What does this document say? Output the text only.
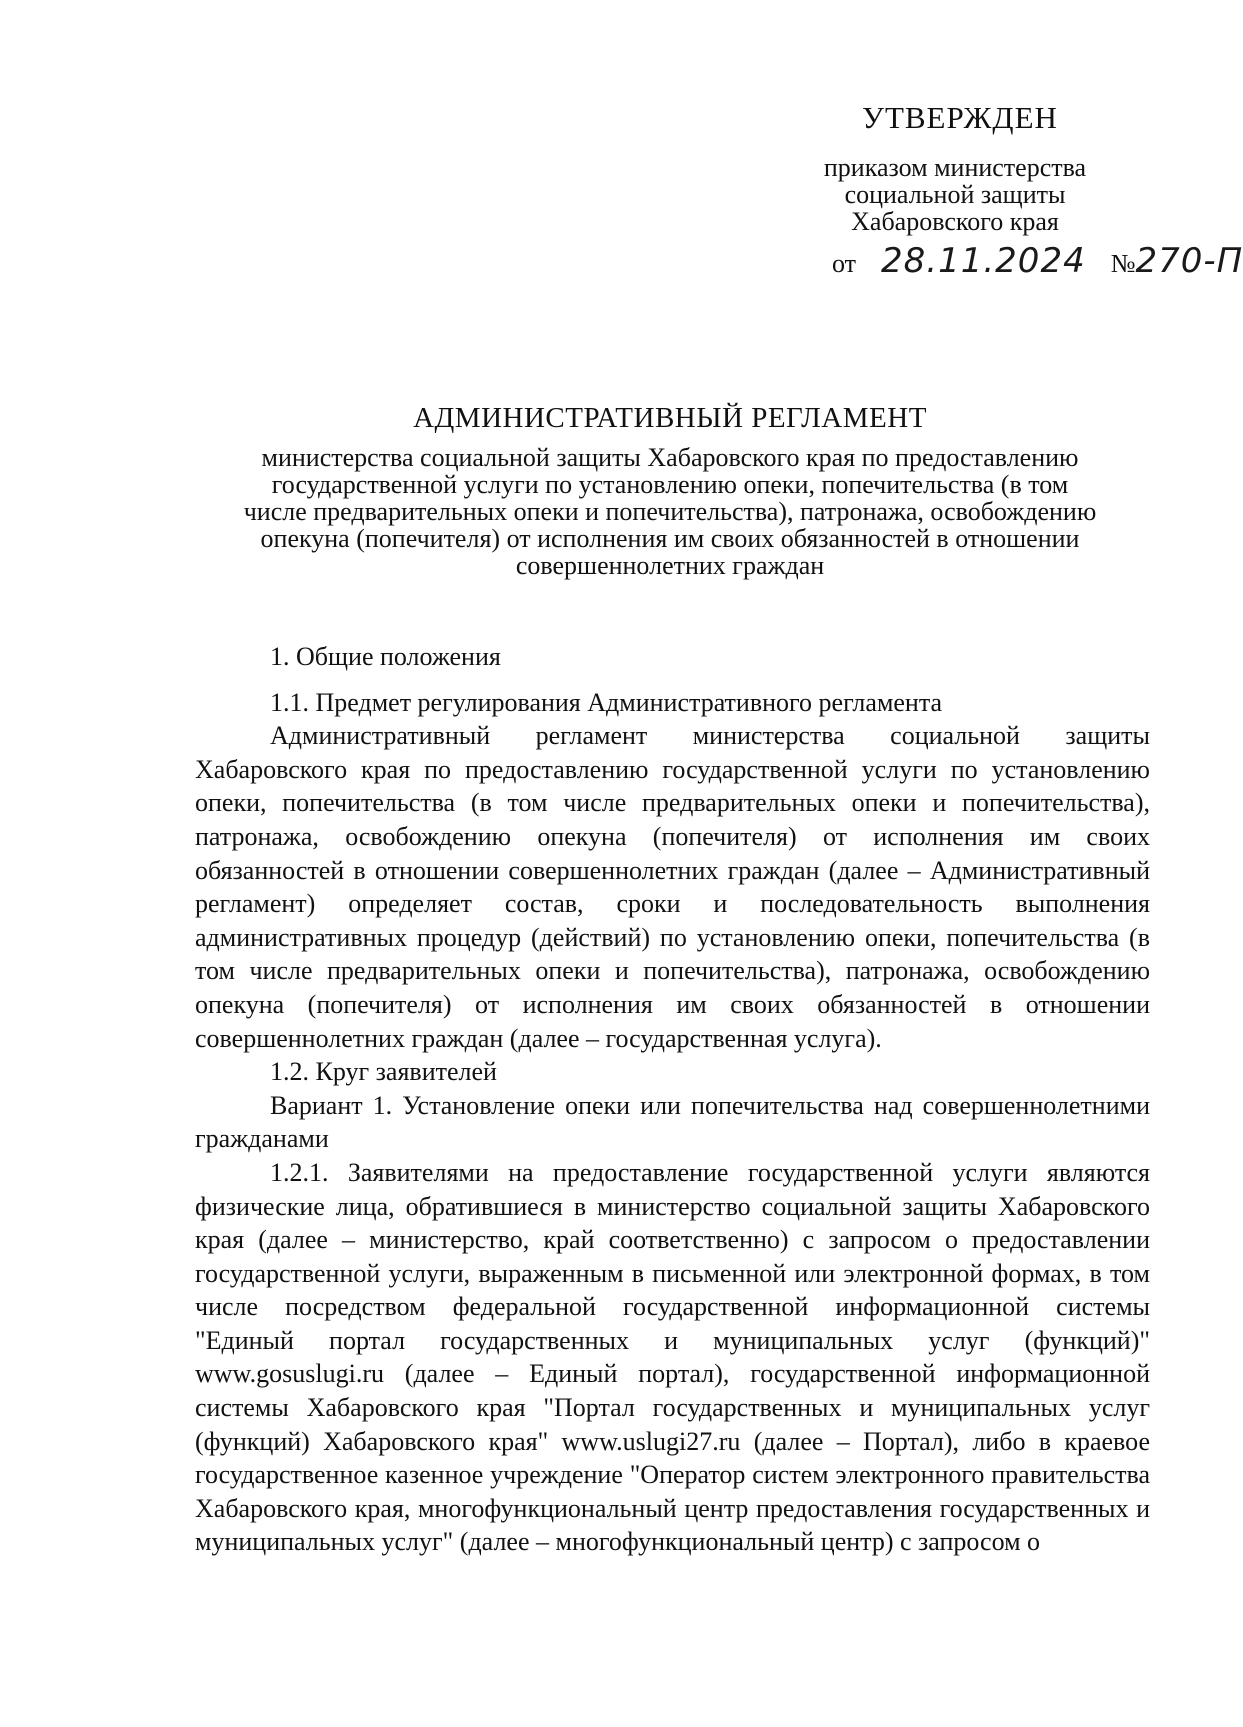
УТВЕРЖДЕН
приказом министерства
социальной защиты
Хабаровского края
от 28.11.2024 №270-П
АДМИНИСТРАТИВНЫЙ РЕГЛАМЕНТ
министерства социальной защиты Хабаровского края по предоставлению
государственной услуги по установлению опеки, попечительства (в том
числе предварительных опеки и попечительства), патронажа, освобождению
опекуна (попечителя) от исполнения им своих обязанностей в отношении
совершеннолетних граждан

1. Общие положения

1.1. Предмет регулирования Административного регламента

Административный регламент министерства социальной защиты Хабаровского края по предоставлению государственной услуги по установлению опеки, попечительства (в том числе предварительных опеки и попечительства), патронажа, освобождению опекуна (попечителя) от исполнения им своих обязанностей в отношении совершеннолетних граждан (далее – Административный регламент) определяет состав, сроки и последовательность выполнения административных процедур (действий) по установлению опеки, попечительства (в том числе предварительных опеки и попечительства), патронажа, освобождению опекуна (попечителя) от исполнения им своих обязанностей в отношении совершеннолетних граждан (далее – государственная услуга).

1.2. Круг заявителей

Вариант 1. Установление опеки или попечительства над совершеннолетними гражданами

1.2.1. Заявителями на предоставление государственной услуги являются физические лица, обратившиеся в министерство социальной защиты Хабаровского края (далее – министерство, край соответственно) с запросом о предоставлении государственной услуги, выраженным в письменной или электронной формах, в том числе посредством федеральной государственной информационной системы "Единый портал государственных и муниципальных услуг (функций)" www.gosuslugi.ru (далее – Единый портал), государственной информационной системы Хабаровского края "Портал государственных и муниципальных услуг (функций) Хабаровского края" www.uslugi27.ru (далее – Портал), либо в краевое государственное казенное учреждение "Оператор систем электронного правительства Хабаровского края, многофункциональный центр предоставления государственных и муниципальных услуг" (далее – многофункциональный центр) с запросом о
